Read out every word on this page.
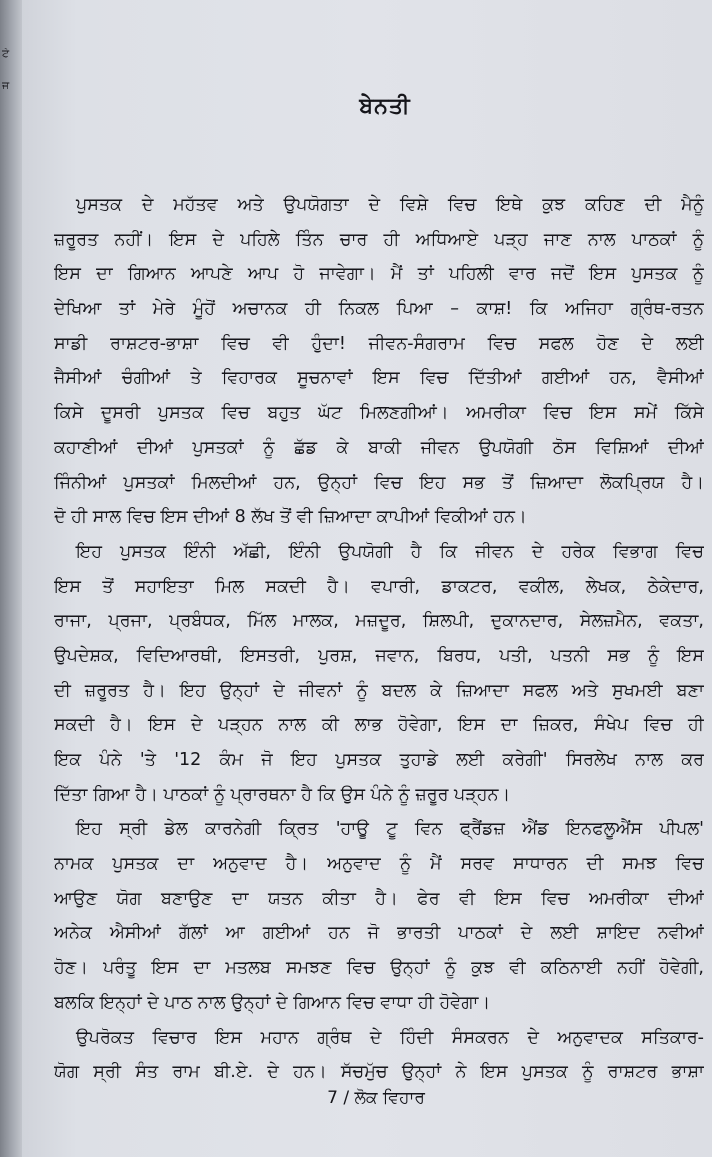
ਟੇ
ਜ
ਬੇਨਤੀ
ਪੁਸਤਕ ਦੇ ਮਹੱਤਵ ਅਤੇ ਉਪਯੋਗਤਾ ਦੇ ਵਿਸ਼ੇ ਵਿਚ ਇਥੇ ਕੁਝ ਕਹਿਣ ਦੀ ਮੈਨੂੰ
ਜ਼ਰੂਰਤ ਨਹੀਂ। ਇਸ ਦੇ ਪਹਿਲੇ ਤਿੰਨ ਚਾਰ ਹੀ ਅਧਿਆਏ ਪੜ੍ਹ ਜਾਣ ਨਾਲ ਪਾਠਕਾਂ ਨੂੰ
ਇਸ ਦਾ ਗਿਆਨ ਆਪਣੇ ਆਪ ਹੋ ਜਾਵੇਗਾ। ਮੈਂ ਤਾਂ ਪਹਿਲੀ ਵਾਰ ਜਦੋਂ ਇਸ ਪੁਸਤਕ ਨੂੰ
ਦੇਖਿਆ ਤਾਂ ਮੇਰੇ ਮੂੰਹੋਂ ਅਚਾਨਕ ਹੀ ਨਿਕਲ ਪਿਆ – ਕਾਸ਼! ਕਿ ਅਜਿਹਾ ਗ੍ਰੰਥ-ਰਤਨ
ਸਾਡੀ ਰਾਸ਼ਟਰ-ਭਾਸ਼ਾ ਵਿਚ ਵੀ ਹੁੰਦਾ! ਜੀਵਨ-ਸੰਗਰਾਮ ਵਿਚ ਸਫਲ ਹੋਣ ਦੇ ਲਈ
ਜੈਸੀਆਂ ਚੰਗੀਆਂ ਤੇ ਵਿਹਾਰਕ ਸੂਚਨਾਵਾਂ ਇਸ ਵਿਚ ਦਿੱਤੀਆਂ ਗਈਆਂ ਹਨ, ਵੈਸੀਆਂ
ਕਿਸੇ ਦੂਸਰੀ ਪੁਸਤਕ ਵਿਚ ਬਹੁਤ ਘੱਟ ਮਿਲਣਗੀਆਂ। ਅਮਰੀਕਾ ਵਿਚ ਇਸ ਸਮੇਂ ਕਿੱਸੇ
ਕਹਾਣੀਆਂ ਦੀਆਂ ਪੁਸਤਕਾਂ ਨੂੰ ਛੱਡ ਕੇ ਬਾਕੀ ਜੀਵਨ ਉਪਯੋਗੀ ਠੋਸ ਵਿਸ਼ਿਆਂ ਦੀਆਂ
ਜਿੰਨੀਆਂ ਪੁਸਤਕਾਂ ਮਿਲਦੀਆਂ ਹਨ, ਉਨ੍ਹਾਂ ਵਿਚ ਇਹ ਸਭ ਤੋਂ ਜ਼ਿਆਦਾ ਲੋਕਪ੍ਰਿਯ ਹੈ।
ਦੋ ਹੀ ਸਾਲ ਵਿਚ ਇਸ ਦੀਆਂ 8 ਲੱਖ ਤੋਂ ਵੀ ਜ਼ਿਆਦਾ ਕਾਪੀਆਂ ਵਿਕੀਆਂ ਹਨ।
ਇਹ ਪੁਸਤਕ ਇੰਨੀ ਅੱਛੀ, ਇੰਨੀ ਉਪਯੋਗੀ ਹੈ ਕਿ ਜੀਵਨ ਦੇ ਹਰੇਕ ਵਿਭਾਗ ਵਿਚ
ਇਸ ਤੋਂ ਸਹਾਇਤਾ ਮਿਲ ਸਕਦੀ ਹੈ। ਵਪਾਰੀ, ਡਾਕਟਰ, ਵਕੀਲ, ਲੇਖਕ, ਠੇਕੇਦਾਰ,
ਰਾਜਾ, ਪ੍ਰਜਾ, ਪ੍ਰਬੰਧਕ, ਮਿੱਲ ਮਾਲਕ, ਮਜ਼ਦੂਰ, ਸ਼ਿਲਪੀ, ਦੁਕਾਨਦਾਰ, ਸੇਲਜ਼ਮੈਨ, ਵਕਤਾ,
ਉਪਦੇਸ਼ਕ, ਵਿਦਿਆਰਥੀ, ਇਸਤਰੀ, ਪੁਰਸ਼, ਜਵਾਨ, ਬਿਰਧ, ਪਤੀ, ਪਤਨੀ ਸਭ ਨੂੰ ਇਸ
ਦੀ ਜ਼ਰੂਰਤ ਹੈ। ਇਹ ਉਨ੍ਹਾਂ ਦੇ ਜੀਵਨਾਂ ਨੂੰ ਬਦਲ ਕੇ ਜ਼ਿਆਦਾ ਸਫਲ ਅਤੇ ਸੁਖਮਈ ਬਣਾ
ਸਕਦੀ ਹੈ। ਇਸ ਦੇ ਪੜ੍ਹਨ ਨਾਲ ਕੀ ਲਾਭ ਹੋਵੇਗਾ, ਇਸ ਦਾ ਜ਼ਿਕਰ, ਸੰਖੇਪ ਵਿਚ ਹੀ
ਇਕ ਪੰਨੇ 'ਤੇ '12 ਕੰਮ ਜੋ ਇਹ ਪੁਸਤਕ ਤੁਹਾਡੇ ਲਈ ਕਰੇਗੀ' ਸਿਰਲੇਖ ਨਾਲ ਕਰ
ਦਿੱਤਾ ਗਿਆ ਹੈ। ਪਾਠਕਾਂ ਨੂੰ ਪ੍ਰਾਰਥਨਾ ਹੈ ਕਿ ਉਸ ਪੰਨੇ ਨੂੰ ਜ਼ਰੂਰ ਪੜ੍ਹਨ।
ਇਹ ਸ੍ਰੀ ਡੇਲ ਕਾਰਨੇਗੀ ਕ੍ਰਿਤ 'ਹਾਊ ਟੂ ਵਿਨ ਫ੍ਰੈਂਡਜ਼ ਐਂਡ ਇਨਫਲੂਐਂਸ ਪੀਪਲ'
ਨਾਮਕ ਪੁਸਤਕ ਦਾ ਅਨੁਵਾਦ ਹੈ। ਅਨੁਵਾਦ ਨੂੰ ਮੈਂ ਸਰਵ ਸਾਧਾਰਨ ਦੀ ਸਮਝ ਵਿਚ
ਆਉਣ ਯੋਗ ਬਣਾਉਣ ਦਾ ਯਤਨ ਕੀਤਾ ਹੈ। ਫੇਰ ਵੀ ਇਸ ਵਿਚ ਅਮਰੀਕਾ ਦੀਆਂ
ਅਨੇਕ ਐਸੀਆਂ ਗੱਲਾਂ ਆ ਗਈਆਂ ਹਨ ਜੋ ਭਾਰਤੀ ਪਾਠਕਾਂ ਦੇ ਲਈ ਸ਼ਾਇਦ ਨਵੀਆਂ
ਹੋਣ। ਪਰੰਤੂ ਇਸ ਦਾ ਮਤਲਬ ਸਮਝਣ ਵਿਚ ਉਨ੍ਹਾਂ ਨੂੰ ਕੁਝ ਵੀ ਕਠਿਨਾਈ ਨਹੀਂ ਹੋਵੇਗੀ,
ਬਲਕਿ ਇਨ੍ਹਾਂ ਦੇ ਪਾਠ ਨਾਲ ਉਨ੍ਹਾਂ ਦੇ ਗਿਆਨ ਵਿਚ ਵਾਧਾ ਹੀ ਹੋਵੇਗਾ।
ਉਪਰੋਕਤ ਵਿਚਾਰ ਇਸ ਮਹਾਨ ਗ੍ਰੰਥ ਦੇ ਹਿੰਦੀ ਸੰਸਕਰਨ ਦੇ ਅਨੁਵਾਦਕ ਸਤਿਕਾਰ-
ਯੋਗ ਸ੍ਰੀ ਸੰਤ ਰਾਮ ਬੀ.ਏ. ਦੇ ਹਨ। ਸੱਚਮੁੱਚ ਉਨ੍ਹਾਂ ਨੇ ਇਸ ਪੁਸਤਕ ਨੂੰ ਰਾਸ਼ਟਰ ਭਾਸ਼ਾ
7 / ਲੋਕ ਵਿਹਾਰ
